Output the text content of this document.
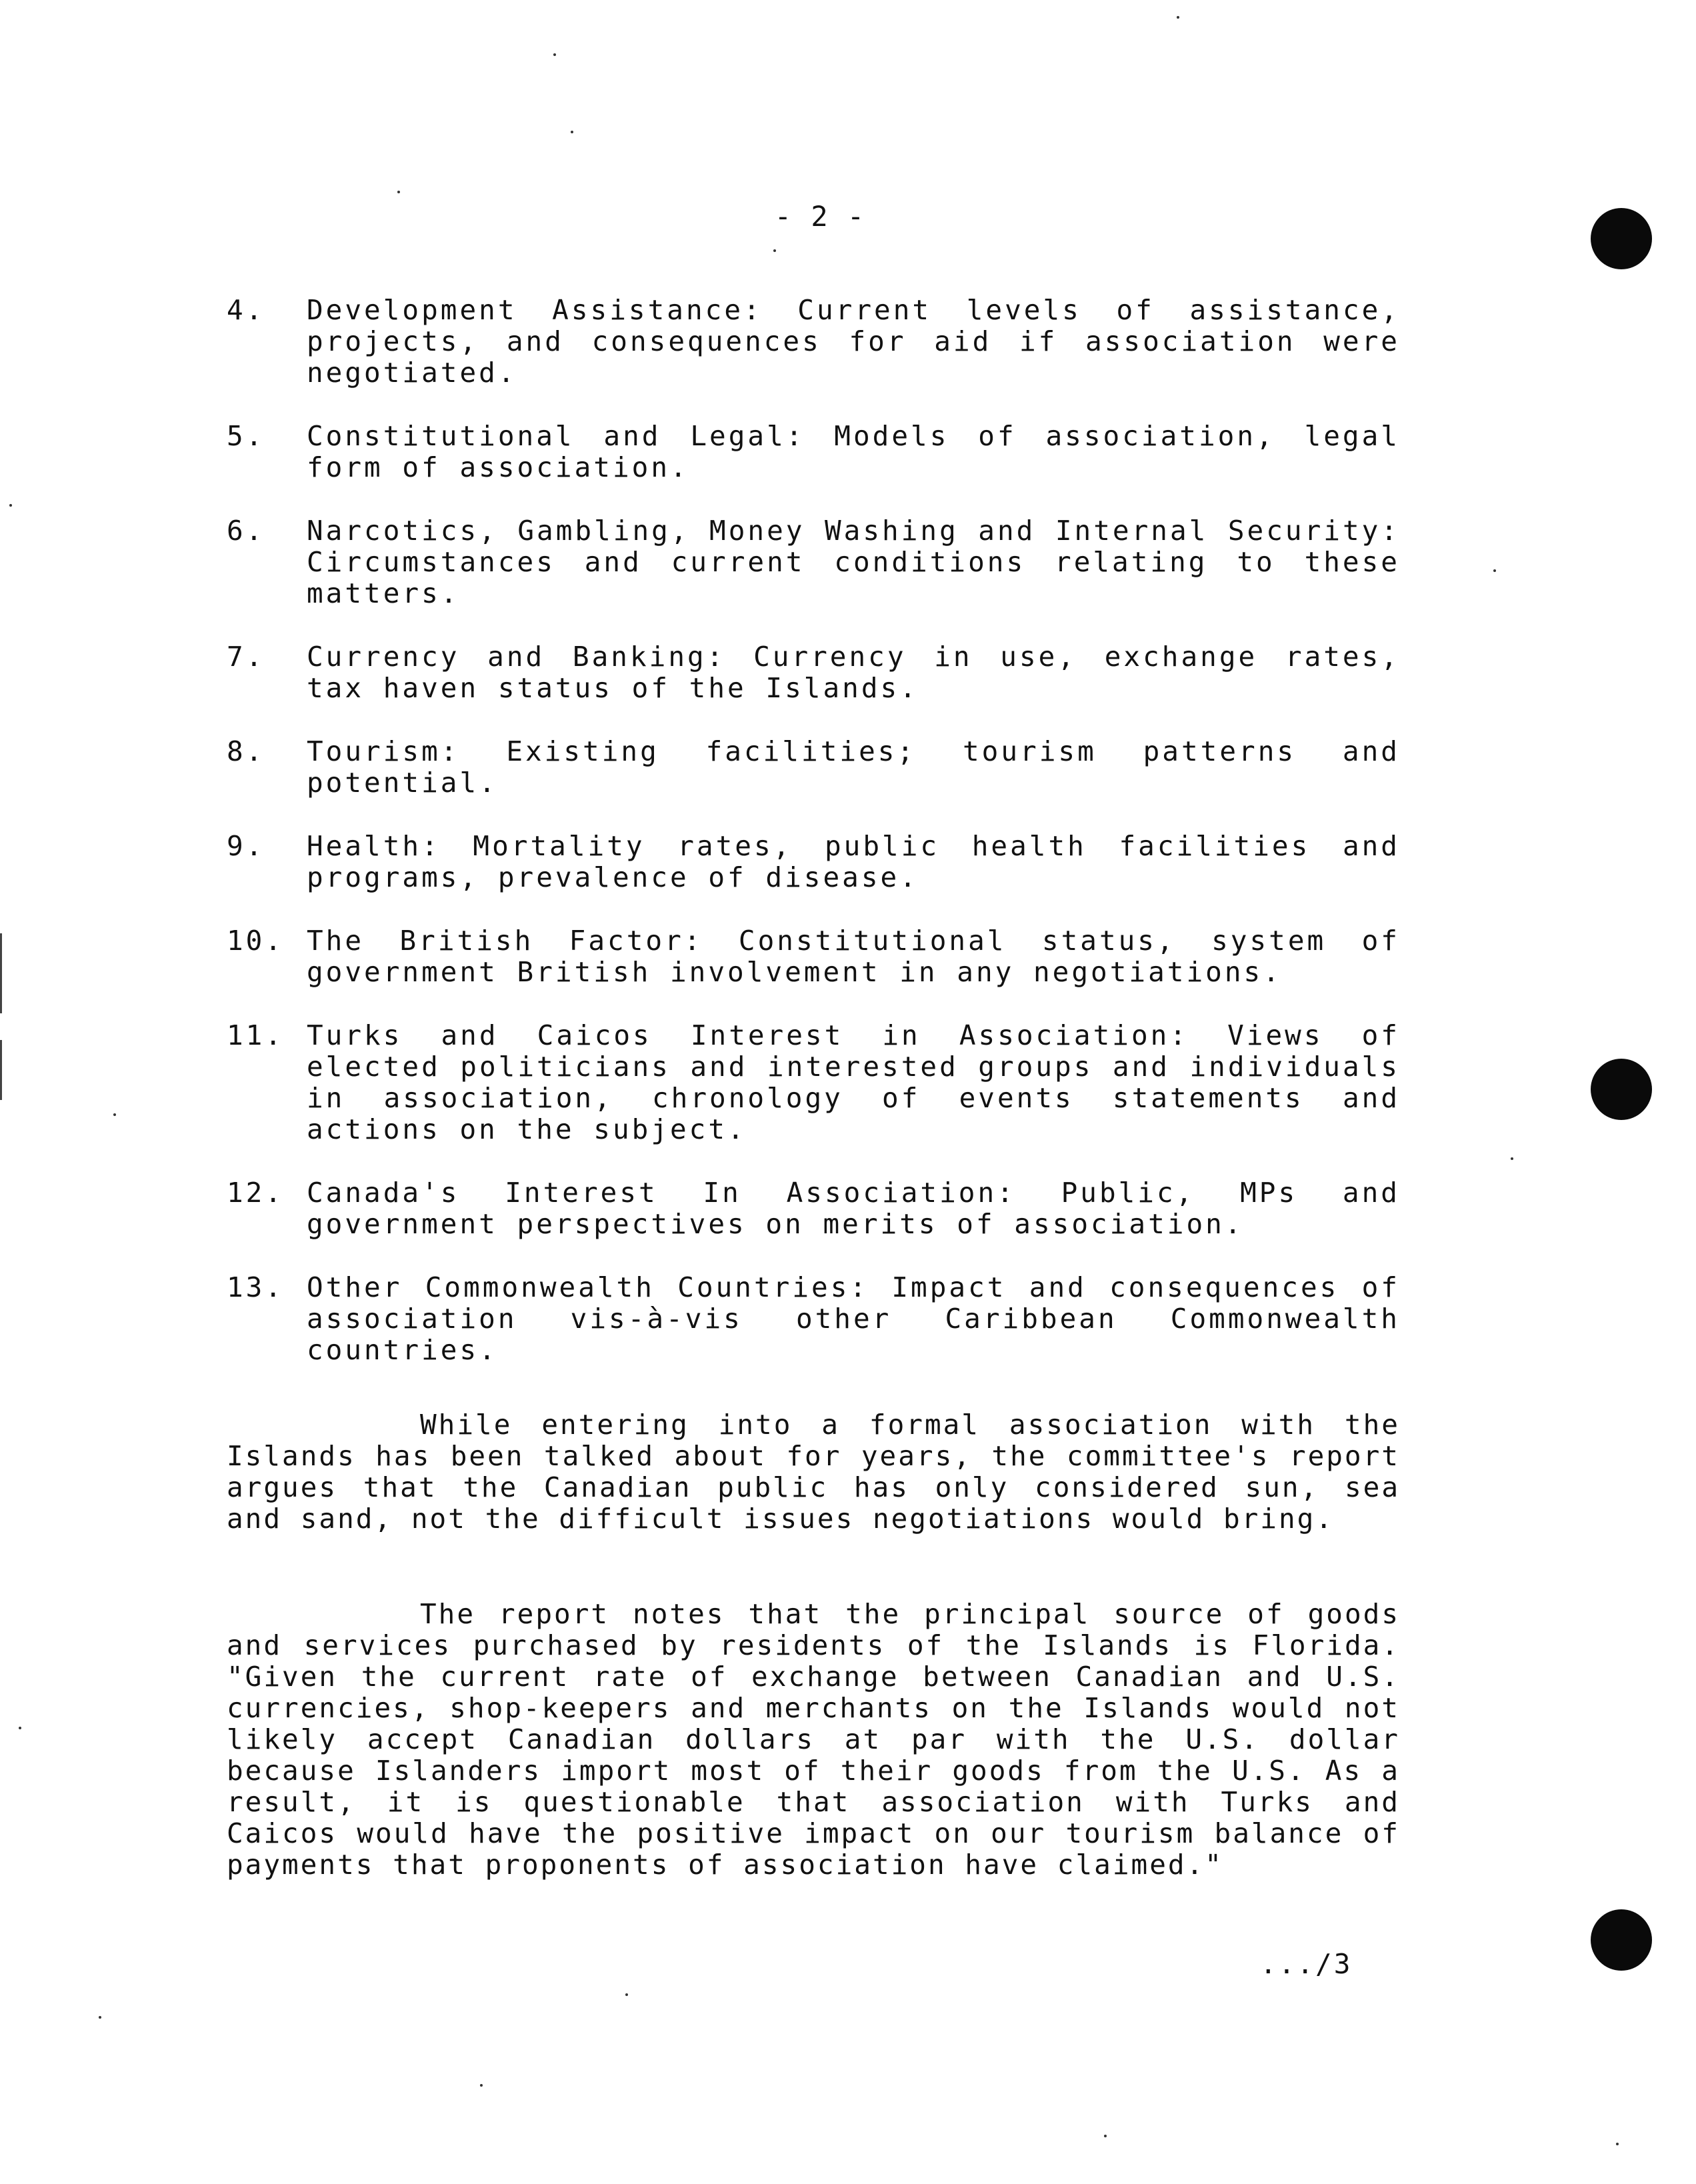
- 2 -
4. Development Assistance: Current levels of assistance, projects, and consequences for aid if association were negotiated.
5. Constitutional and Legal: Models of association, legal form of association.
6. Narcotics, Gambling, Money Washing and Internal Security: Circumstances and current conditions relating to these matters.
7. Currency and Banking: Currency in use, exchange rates, tax haven status of the Islands.
8. Tourism: Existing facilities; tourism patterns and potential.
9. Health: Mortality rates, public health facilities and programs, prevalence of disease.
10. The British Factor: Constitutional status, system of government British involvement in any negotiations.
11. Turks and Caicos Interest in Association: Views of elected politicians and interested groups and individuals in association, chronology of events statements and actions on the subject.
12. Canada's Interest In Association: Public, MPs and government perspectives on merits of association.
13. Other Commonwealth Countries: Impact and consequences of association vis-à-vis other Caribbean Commonwealth countries.
While entering into a formal association with the Islands has been talked about for years, the committee's report argues that the Canadian public has only considered sun, sea and sand, not the difficult issues negotiations would bring.
The report notes that the principal source of goods and services purchased by residents of the Islands is Florida. "Given the current rate of exchange between Canadian and U.S. currencies, shop-keepers and merchants on the Islands would not likely accept Canadian dollars at par with the U.S. dollar because Islanders import most of their goods from the U.S. As a result, it is questionable that association with Turks and Caicos would have the positive impact on our tourism balance of payments that proponents of association have claimed."
.../3
